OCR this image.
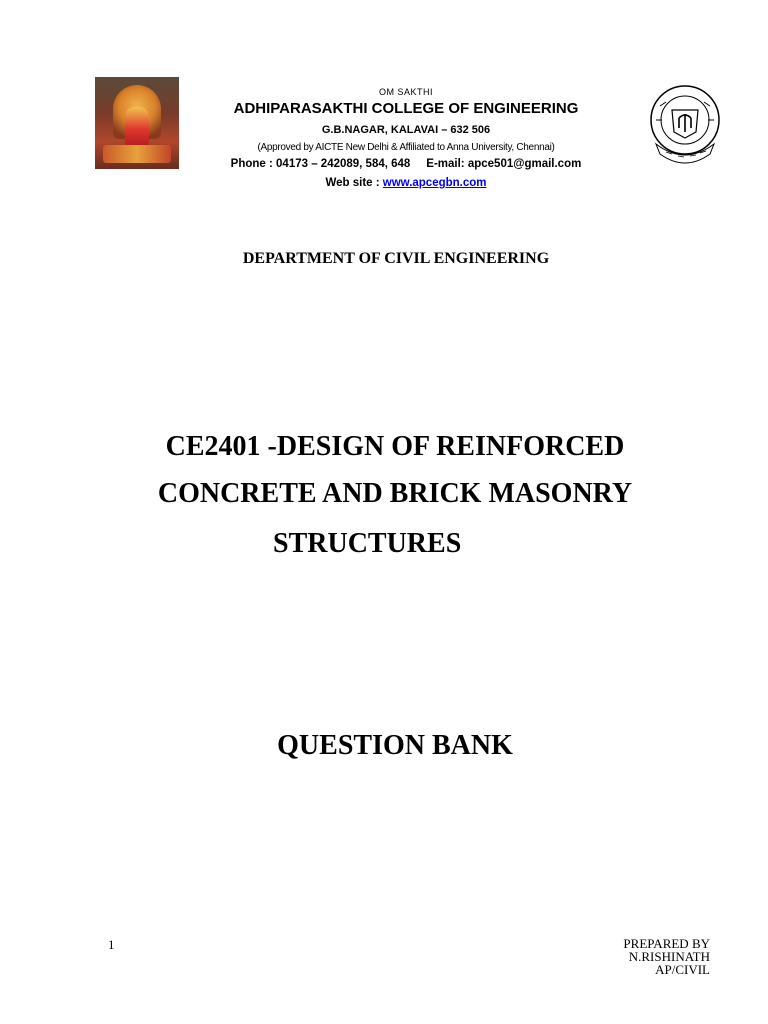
OM SAKTHI
ADHIPARASAKTHI COLLEGE OF ENGINEERING
G.B.NAGAR, KALAVAI – 632 506
(Approved by AICTE New Delhi & Affiliated to Anna University, Chennai)
Phone : 04173 – 242089, 584, 648     E-mail: apce501@gmail.com
Web site : www.apcegbn.com
DEPARTMENT OF CIVIL ENGINEERING
CE2401 -DESIGN OF REINFORCED
CONCRETE AND BRICK MASONRY
STRUCTURES
QUESTION BANK
1	PREPARED BY
N.RISHINATH
AP/CIVIL
